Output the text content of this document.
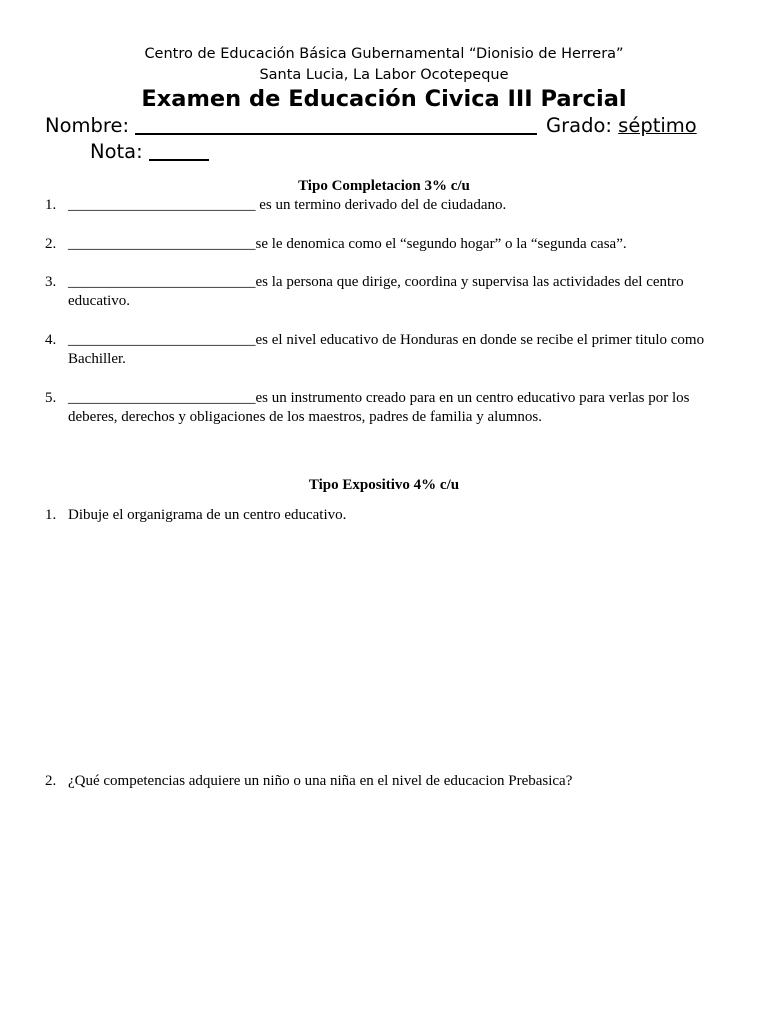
Centro de Educación Básica Gubernamental “Dionisio de Herrera”
Santa Lucia, La Labor Ocotepeque
Examen de Educación Civica III Parcial
Nombre:	Grado: séptimo
Nota:
Tipo Completacion 3% c/u
1. _________________________ es un termino derivado del de ciudadano.
2. _________________________se le denomica como el “segundo hogar” o la “segunda casa”.
3. _________________________es la persona que dirige, coordina y supervisa las actividades del centro educativo.
4. _________________________es el nivel educativo de Honduras en donde se recibe el primer titulo como Bachiller.
5. _________________________es un instrumento creado para en un centro educativo para verlas por los deberes, derechos y obligaciones de los maestros, padres de familia y alumnos.
Tipo Expositivo 4% c/u
1. Dibuje el organigrama de un centro educativo.
2. ¿Qué competencias adquiere un niño o una niña en el nivel de educacion Prebasica?
